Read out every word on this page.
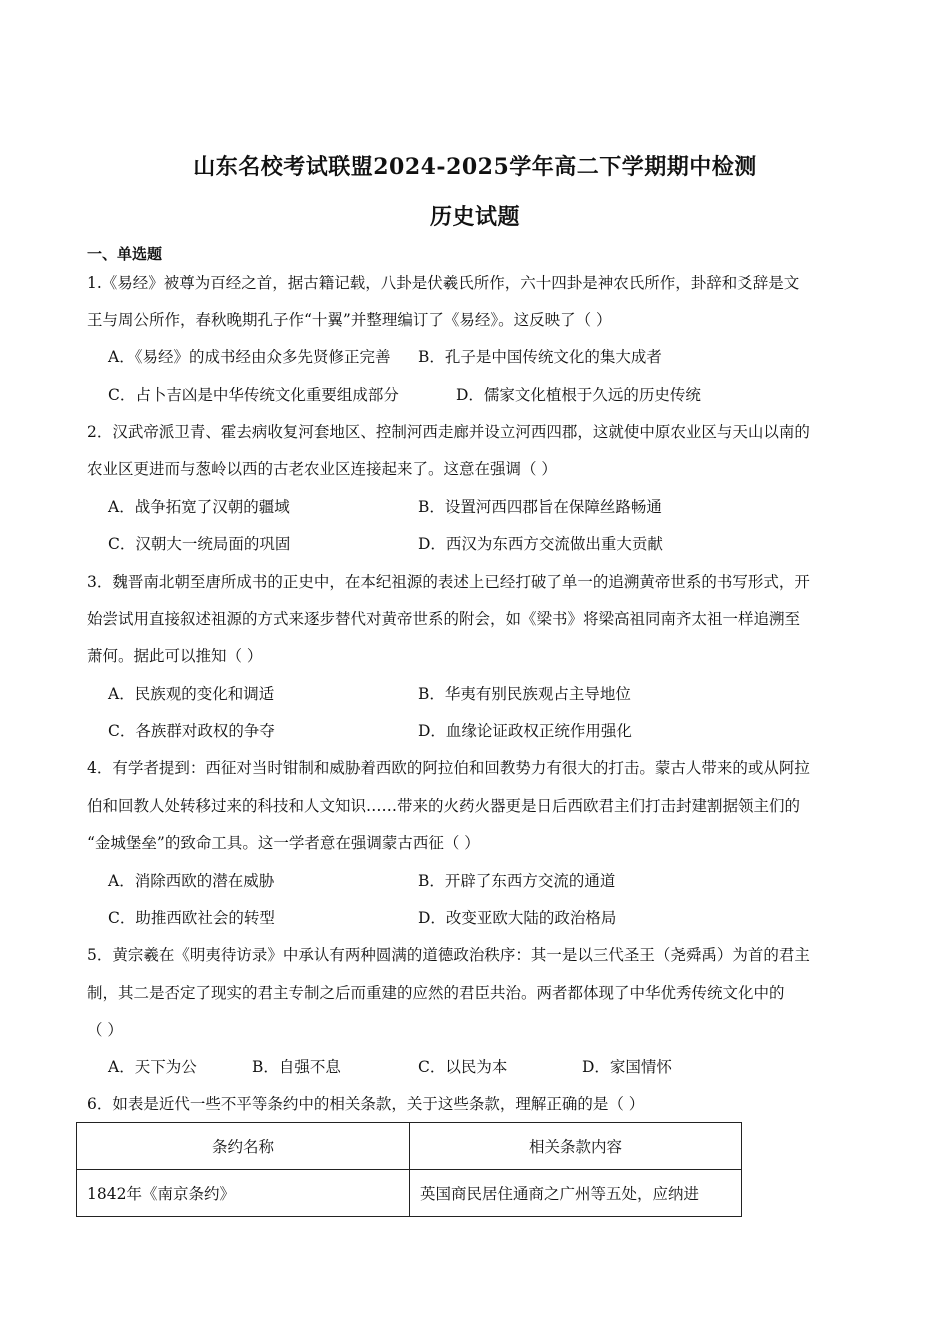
山东名校考试联盟2024-2025学年高二下学期期中检测
历史试题
一、单选题
1.《易经》被尊为百经之首，据古籍记载，八卦是伏羲氏所作，六十四卦是神农氏所作，卦辞和爻辞是文
王与周公所作，春秋晚期孔子作“十翼”并整理编订了《易经》。这反映了（ ）
A．《易经》的成书经由众多先贤修正完善 B．孔子是中国传统文化的集大成者
C．占卜吉凶是中华传统文化重要组成部分	D．儒家文化植根于久远的历史传统
2．汉武帝派卫青、霍去病收复河套地区、控制河西走廊并设立河西四郡，这就使中原农业区与天山以南的
农业区更进而与葱岭以西的古老农业区连接起来了。这意在强调（ ）
A．战争拓宽了汉朝的疆域	B．设置河西四郡旨在保障丝路畅通
C．汉朝大一统局面的巩固	D．西汉为东西方交流做出重大贡献
3．魏晋南北朝至唐所成书的正史中，在本纪祖源的表述上已经打破了单一的追溯黄帝世系的书写形式，开
始尝试用直接叙述祖源的方式来逐步替代对黄帝世系的附会，如《梁书》将梁高祖同南齐太祖一样追溯至
萧何。据此可以推知（ ）
A．民族观的变化和调适	B．华夷有别民族观占主导地位
C．各族群对政权的争夺	D．血缘论证政权正统作用强化
4．有学者提到：西征对当时钳制和威胁着西欧的阿拉伯和回教势力有很大的打击。蒙古人带来的或从阿拉
伯和回教人处转移过来的科技和人文知识……带来的火药火器更是日后西欧君主们打击封建割据领主们的
“金城堡垒”的致命工具。这一学者意在强调蒙古西征（ ）
A．消除西欧的潜在威胁	B．开辟了东西方交流的通道
C．助推西欧社会的转型	D．改变亚欧大陆的政治格局
5．黄宗羲在《明夷待访录》中承认有两种圆满的道德政治秩序：其一是以三代圣王（尧舜禹）为首的君主
制，其二是否定了现实的君主专制之后而重建的应然的君臣共治。两者都体现了中华优秀传统文化中的
（ ）
A．天下为公	B．自强不息	C．以民为本	D．家国情怀
6．如表是近代一些不平等条约中的相关条款，关于这些条款，理解正确的是（ ）
条约名称	相关条款内容
1842年《南京条约》	英国商民居住通商之广州等五处，应纳进
